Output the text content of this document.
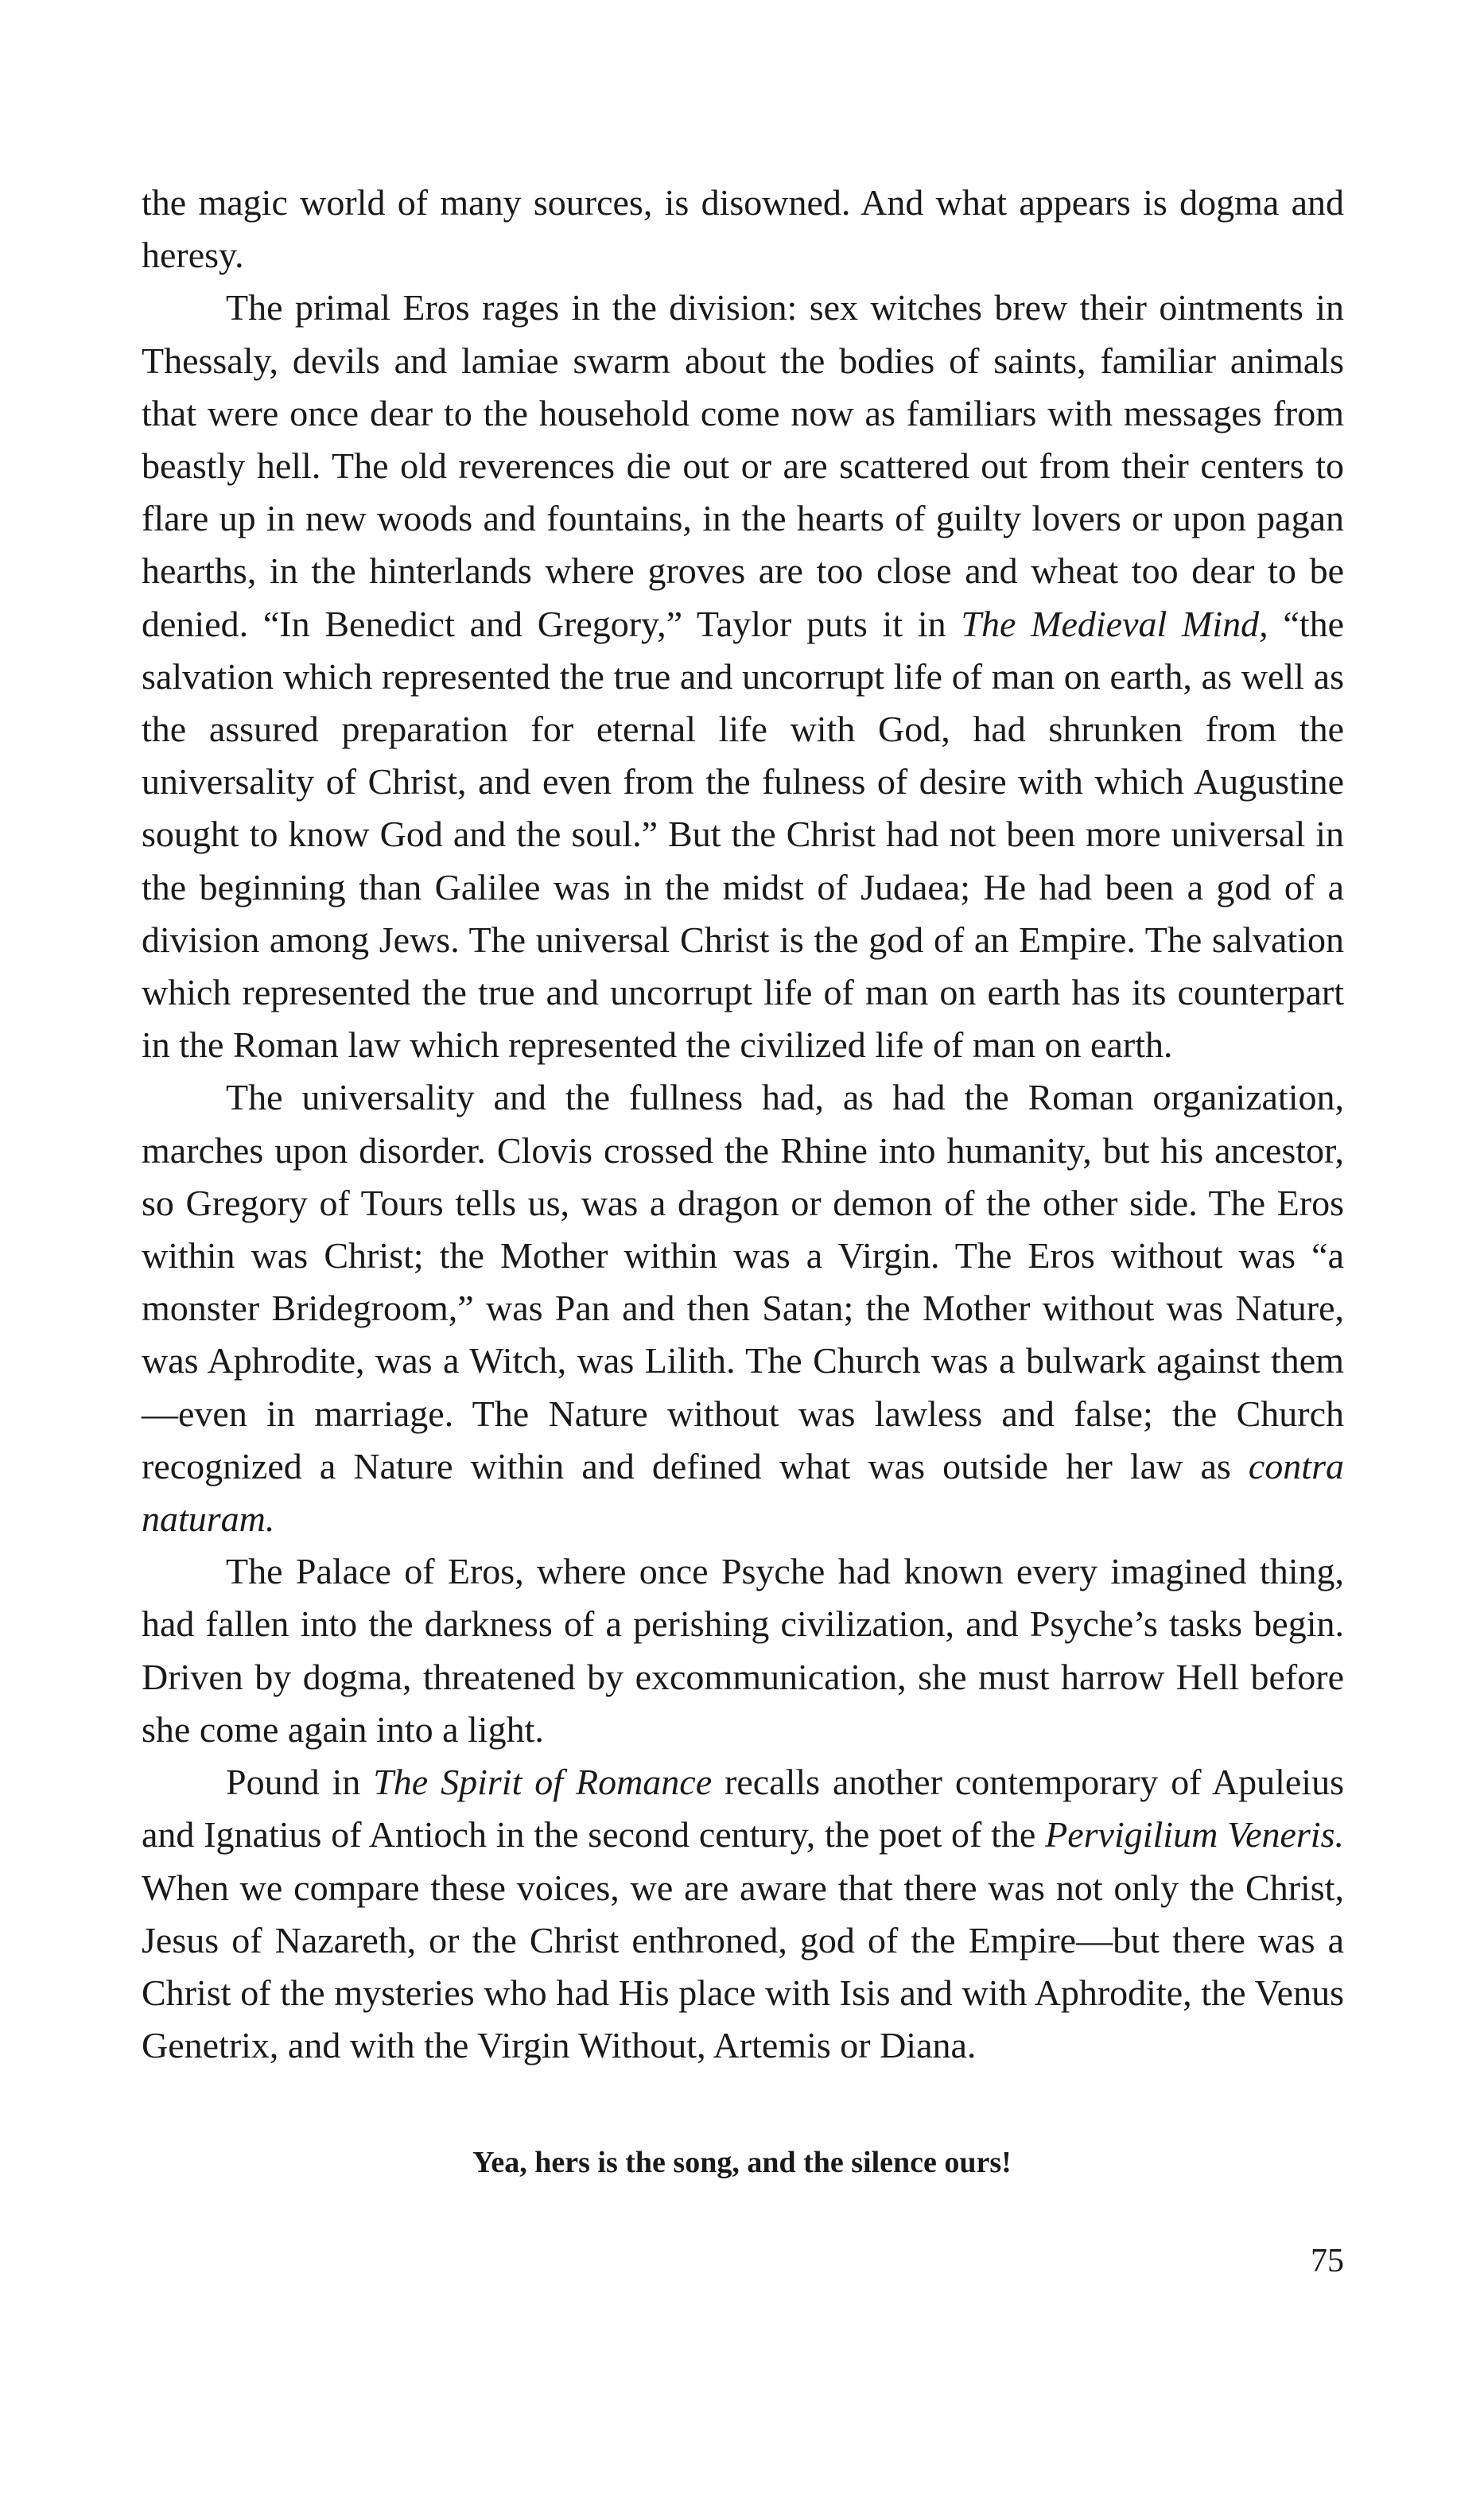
the magic world of many sources, is disowned. And what appears is dogma and heresy.

The primal Eros rages in the division: sex witches brew their ointments in Thessaly, devils and lamiae swarm about the bodies of saints, familiar animals that were once dear to the household come now as familiars with messages from beastly hell. The old reverences die out or are scattered out from their centers to flare up in new woods and fountains, in the hearts of guilty lovers or upon pagan hearths, in the hinterlands where groves are too close and wheat too dear to be denied. “In Benedict and Gregory,” Taylor puts it in The Medieval Mind, “the salvation which represented the true and uncorrupt life of man on earth, as well as the assured preparation for eternal life with God, had shrunken from the universality of Christ, and even from the fulness of desire with which Augustine sought to know God and the soul.” But the Christ had not been more universal in the beginning than Galilee was in the midst of Judaea; He had been a god of a division among Jews. The universal Christ is the god of an Empire. The salvation which represented the true and uncorrupt life of man on earth has its counterpart in the Roman law which represented the civilized life of man on earth.

The universality and the fullness had, as had the Roman organization, marches upon disorder. Clovis crossed the Rhine into humanity, but his ancestor, so Gregory of Tours tells us, was a dragon or demon of the other side. The Eros within was Christ; the Mother within was a Virgin. The Eros without was “a monster Bridegroom,” was Pan and then Satan; the Mother without was Nature, was Aphrodite, was a Witch, was Lilith. The Church was a bulwark against them—even in marriage. The Nature without was lawless and false; the Church recognized a Nature within and defined what was outside her law as contra naturam.

The Palace of Eros, where once Psyche had known every imagined thing, had fallen into the darkness of a perishing civilization, and Psyche’s tasks begin. Driven by dogma, threatened by excommunication, she must harrow Hell before she come again into a light.

Pound in The Spirit of Romance recalls another contemporary of Apuleius and Ignatius of Antioch in the second century, the poet of the Pervigilium Veneris. When we compare these voices, we are aware that there was not only the Christ, Jesus of Nazareth, or the Christ enthroned, god of the Empire—but there was a Christ of the mysteries who had His place with Isis and with Aphrodite, the Venus Genetrix, and with the Virgin Without, Artemis or Diana.

Yea, hers is the song, and the silence ours!
75
